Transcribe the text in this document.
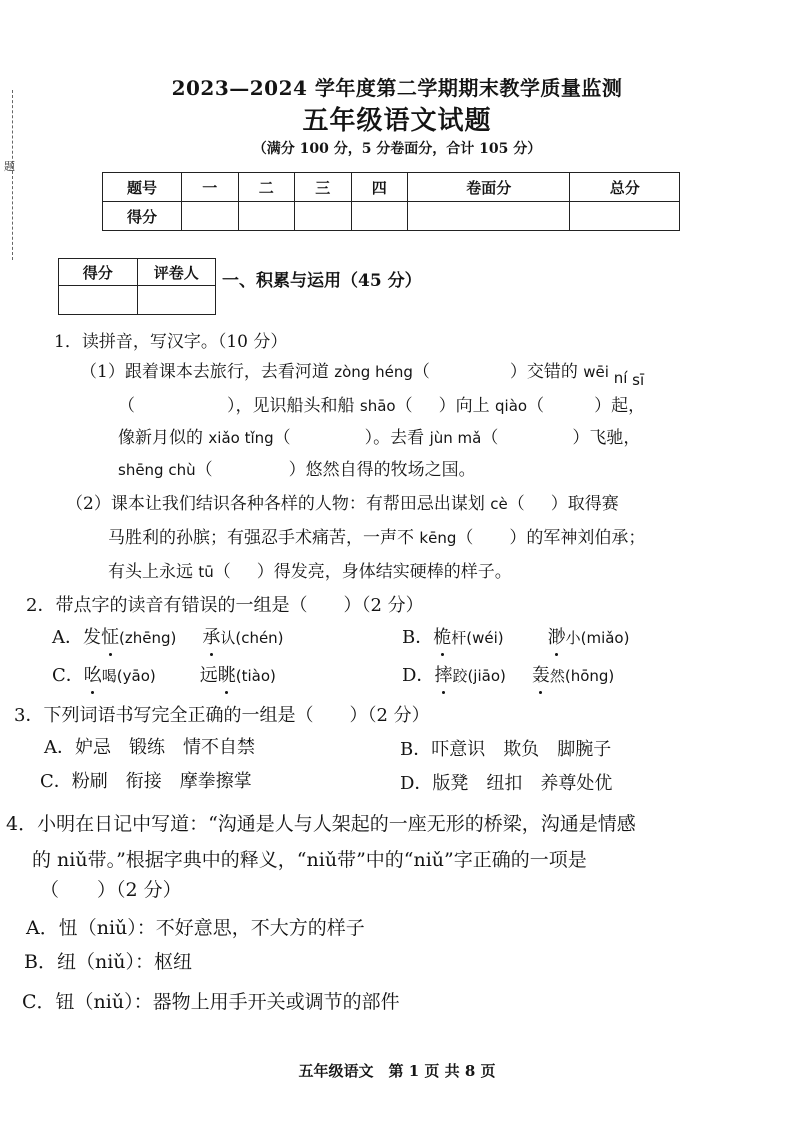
题
2023—2024 学年度第二学期期末教学质量监测
五年级语文试题
（满分 100 分，5 分卷面分，合计 105 分）
题号	一	二	三	四	卷面分	总分
得分						
得分	评卷人
	一、积累与运用（45 分）
1．读拼音，写汉字。（10 分）
（1）跟着课本去旅行，去看河道 zòng héng（	）交错的 wēi ní sī
（	），见识船头和船 shāo（ ）向上 qiào（	）起，
像新月似的 xiǎo tǐng（	）。去看 jùn mǎ（	）飞驰，
shēng chù（	）悠然自得的牧场之国。
（2）课本让我们结识各种各样的人物：有帮田忌出谋划 cè（ ）取得赛
马胜利的孙膑；有强忍手术痛苦，一声不 kēng（ ）的军神刘伯承；
有头上永远 tū（ ）得发亮，身体结实硬棒的样子。
2．带点字的读音有错误的一组是（　　）（2 分）
A．发怔(zhēng) 承认(chén)	B．桅杆(wéi) 渺小(miǎo)
C．吆喝(yāo) 远眺(tiào)	D．摔跤(jiāo) 轰然(hōng)
3．下列词语书写完全正确的一组是（　　）（2 分）
A．妒忌　锻练　情不自禁	B．吓意识　欺负　脚腕子
C．粉刷　衔接　摩拳擦掌	D．版凳　纽扣　养尊处优
4．小明在日记中写道：“沟通是人与人架起的一座无形的桥梁，沟通是情感
的 niǔ带。”根据字典中的释义，“niǔ带”中的“niǔ”字正确的一项是
（　　）（2 分）
A．忸（niǔ）：不好意思，不大方的样子
B．纽（niǔ）：枢纽
C．钮（niǔ）：器物上用手开关或调节的部件
五年级语文　第 1 页 共 8 页
